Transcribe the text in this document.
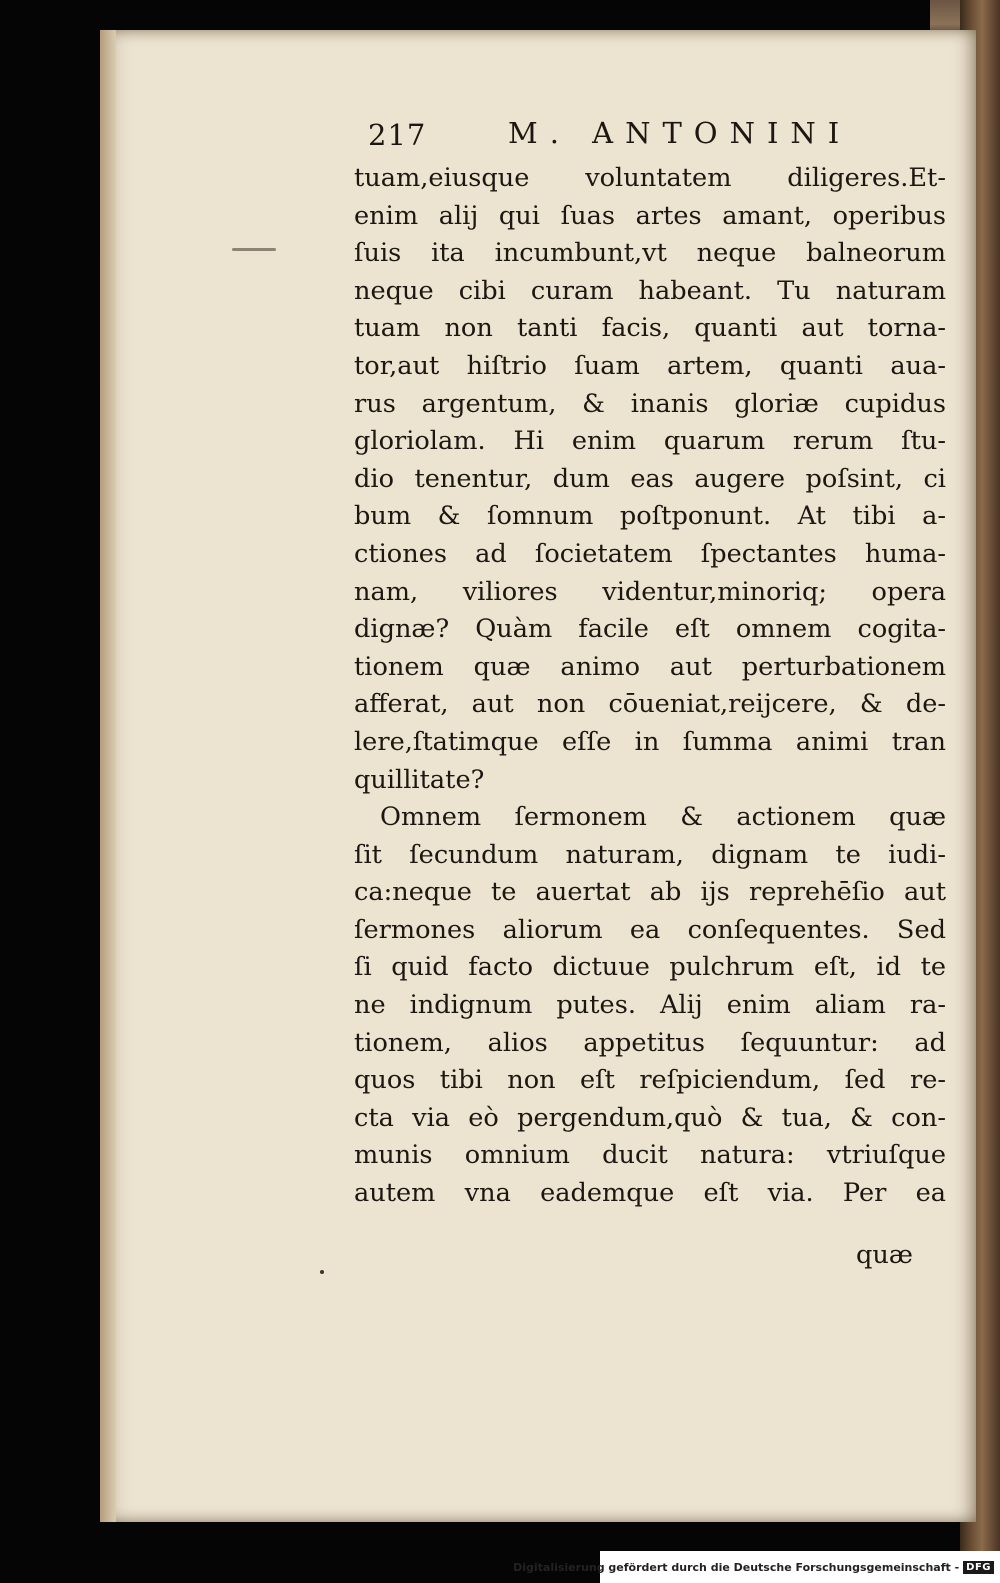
217	M. ANTONINI
tuam,eiusque voluntatem diligeres.Et-
enim alij qui ſuas artes amant, operibus
ſuis ita incumbunt,vt neque balneorum
neque cibi curam habeant. Tu naturam
tuam non tanti facis, quanti aut torna-
tor,aut hiſtrio ſuam artem, quanti aua-
rus argentum, & inanis gloriæ cupidus
gloriolam. Hi enim quarum rerum ſtu-
dio tenentur, dum eas augere poſsint, ci
bum & ſomnum poſtponunt. At tibi a-
ctiones ad ſocietatem ſpectantes huma-
nam, viliores videntur,minoriq; opera
dignæ? Quàm facile eſt omnem cogita-
tionem quæ animo aut perturbationem
afferat, aut non cōueniat,reijcere, & de-
lere,ſtatimque eſſe in ſumma animi tran
quillitate?
Omnem ſermonem & actionem quæ
ſit ſecundum naturam, dignam te iudi-
ca:neque te auertat ab ijs reprehēſio aut
ſermones aliorum ea conſequentes. Sed
ſi quid facto dictuue pulchrum eſt, id te
ne indignum putes. Alij enim aliam ra-
tionem, alios appetitus ſequuntur: ad
quos tibi non eſt reſpiciendum, ſed re-
cta via eò pergendum,quò & tua, & con-
munis omnium ducit natura: vtriuſque
autem vna eademque eſt via. Per ea
quæ
Digitalisierung gefördert durch die Deutsche Forschungsgemeinschaft - DFG
